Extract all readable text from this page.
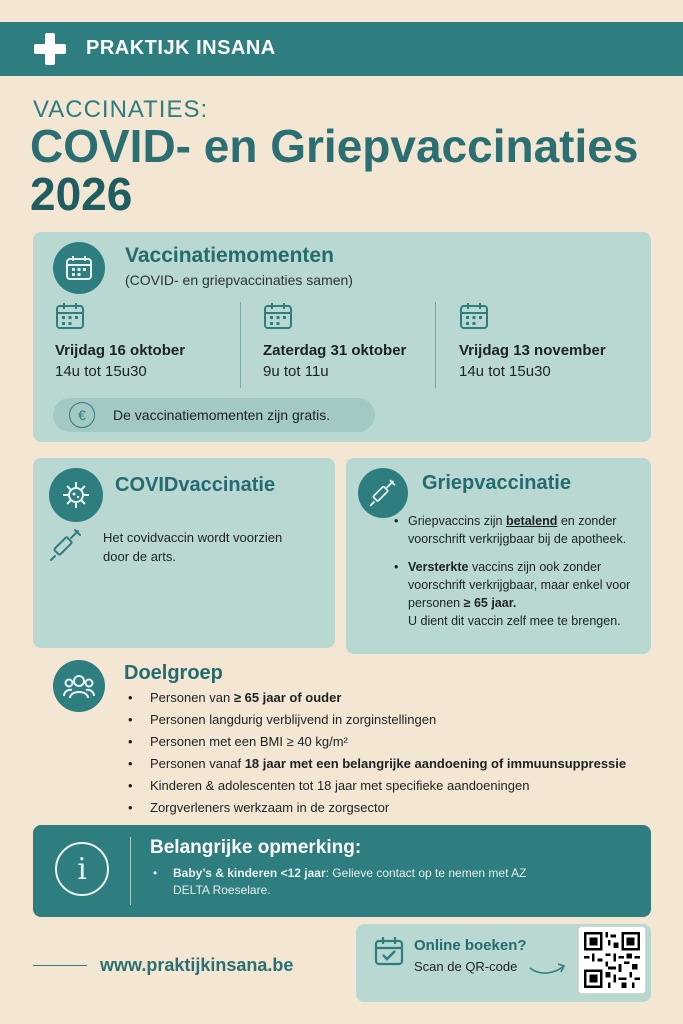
PRAKTIJK INSANA
VACCINATIES:
COVID- en Griepvaccinaties
2026
Vaccinatiemomenten
(COVID- en griepvaccinaties samen)
Vrijdag 16 oktober
14u tot 15u30
Zaterdag 31 oktober
9u tot 11u
Vrijdag 13 november
14u tot 15u30
€	De vaccinatiemomenten zijn gratis.
COVIDvaccinatie
Het covidvaccin wordt voorzien door de arts.
Griepvaccinatie
• Griepvaccins zijn betalend en zonder voorschrift verkrijgbaar bij de apotheek.
• Versterkte vaccins zijn ook zonder voorschrift verkrijgbaar, maar enkel voor personen ≥ 65 jaar.
U dient dit vaccin zelf mee te brengen.
Doelgroep
• Personen van ≥ 65 jaar of ouder
• Personen langdurig verblijvend in zorginstellingen
• Personen met een BMI ≥ 40 kg/m²
• Personen vanaf 18 jaar met een belangrijke aandoening of immuunsuppressie
• Kinderen & adolescenten tot 18 jaar met specifieke aandoeningen
• Zorgverleners werkzaam in de zorgsector
i
Belangrijke opmerking:
• Baby’s & kinderen <12 jaar: Gelieve contact op te nemen met AZ DELTA Roeselare.
www.praktijkinsana.be
Online boeken?
Scan de QR-code
